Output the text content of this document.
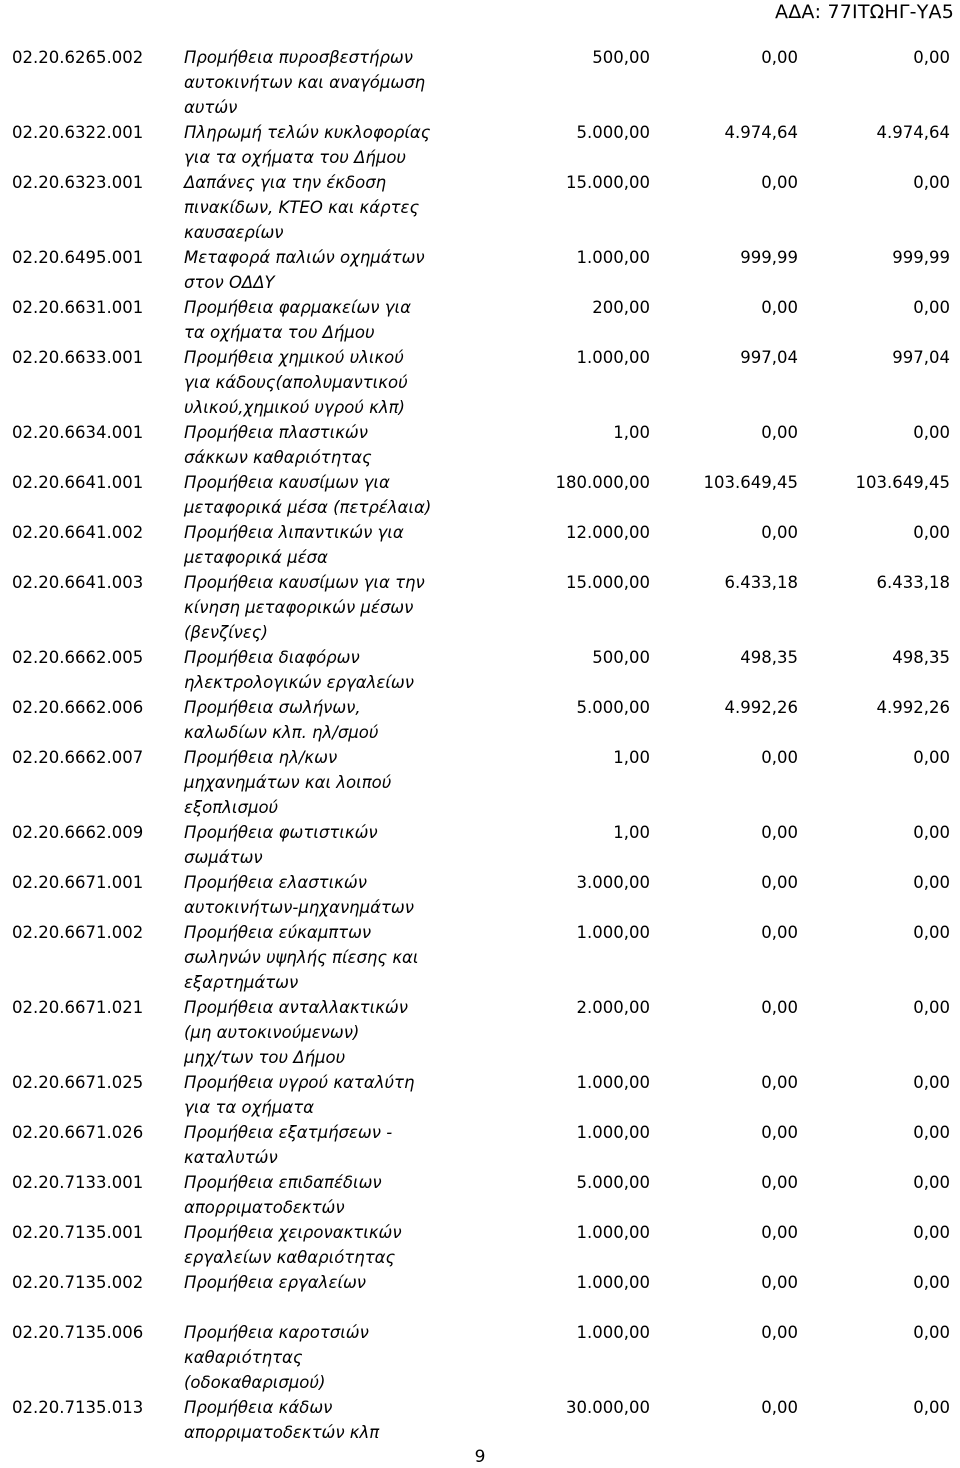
ΑΔΑ: 77ΙΤΩΗΓ-ΥΑ5
02.20.6265.002 Προμήθεια πυροσβεστήρων
αυτοκινήτων και αναγόμωση
αυτών
500,00	0,00	0,00
02.20.6322.001 Πληρωμή τελών κυκλοφορίας
για τα οχήματα του Δήμου
5.000,00	4.974,64	4.974,64
02.20.6323.001 Δαπάνες για την έκδοση
πινακίδων, ΚΤΕΟ και κάρτες
καυσαερίων
15.000,00	0,00	0,00
02.20.6495.001 Μεταφορά παλιών οχημάτων
στον ΟΔΔΥ
1.000,00	999,99	999,99
02.20.6631.001 Προμήθεια φαρμακείων για
τα οχήματα του Δήμου
200,00	0,00	0,00
02.20.6633.001 Προμήθεια χημικού υλικού
για κάδους(απολυμαντικού
υλικού,χημικού υγρού κλπ)
1.000,00	997,04	997,04
02.20.6634.001 Προμήθεια πλαστικών
σάκκων καθαριότητας
1,00	0,00	0,00
02.20.6641.001 Προμήθεια καυσίμων για
μεταφορικά μέσα (πετρέλαια)
180.000,00	103.649,45	103.649,45
02.20.6641.002 Προμήθεια λιπαντικών για
μεταφορικά μέσα
12.000,00	0,00	0,00
02.20.6641.003 Προμήθεια καυσίμων για την
κίνηση μεταφορικών μέσων
(βενζίνες)
15.000,00	6.433,18	6.433,18
02.20.6662.005 Προμήθεια διαφόρων
ηλεκτρολογικών εργαλείων
500,00	498,35	498,35
02.20.6662.006 Προμήθεια σωλήνων,
καλωδίων κλπ. ηλ/σμού
5.000,00	4.992,26	4.992,26
02.20.6662.007 Προμήθεια ηλ/κων
μηχανημάτων και λοιπού
εξοπλισμού
1,00	0,00	0,00
02.20.6662.009 Προμήθεια φωτιστικών
σωμάτων
1,00	0,00	0,00
02.20.6671.001 Προμήθεια ελαστικών
αυτοκινήτων-μηχανημάτων
3.000,00	0,00	0,00
02.20.6671.002 Προμήθεια εύκαμπτων
σωληνών υψηλής πίεσης και
εξαρτημάτων
1.000,00	0,00	0,00
02.20.6671.021 Προμήθεια ανταλλακτικών
(μη αυτοκινούμενων)
μηχ/των του Δήμου
2.000,00	0,00	0,00
02.20.6671.025 Προμήθεια υγρού καταλύτη
για τα οχήματα
1.000,00	0,00	0,00
02.20.6671.026 Προμήθεια εξατμήσεων -
καταλυτών
1.000,00	0,00	0,00
02.20.7133.001 Προμήθεια επιδαπέδιων
απορριματοδεκτών
5.000,00	0,00	0,00
02.20.7135.001 Προμήθεια χειρονακτικών
εργαλείων καθαριότητας
1.000,00	0,00	0,00
02.20.7135.002 Προμήθεια εργαλείων	1.000,00	0,00	0,00
02.20.7135.006 Προμήθεια καροτσιών
καθαριότητας
(οδοκαθαρισμού)
1.000,00	0,00	0,00
02.20.7135.013 Προμήθεια κάδων
απορριματοδεκτών κλπ
30.000,00	0,00	0,00
9
